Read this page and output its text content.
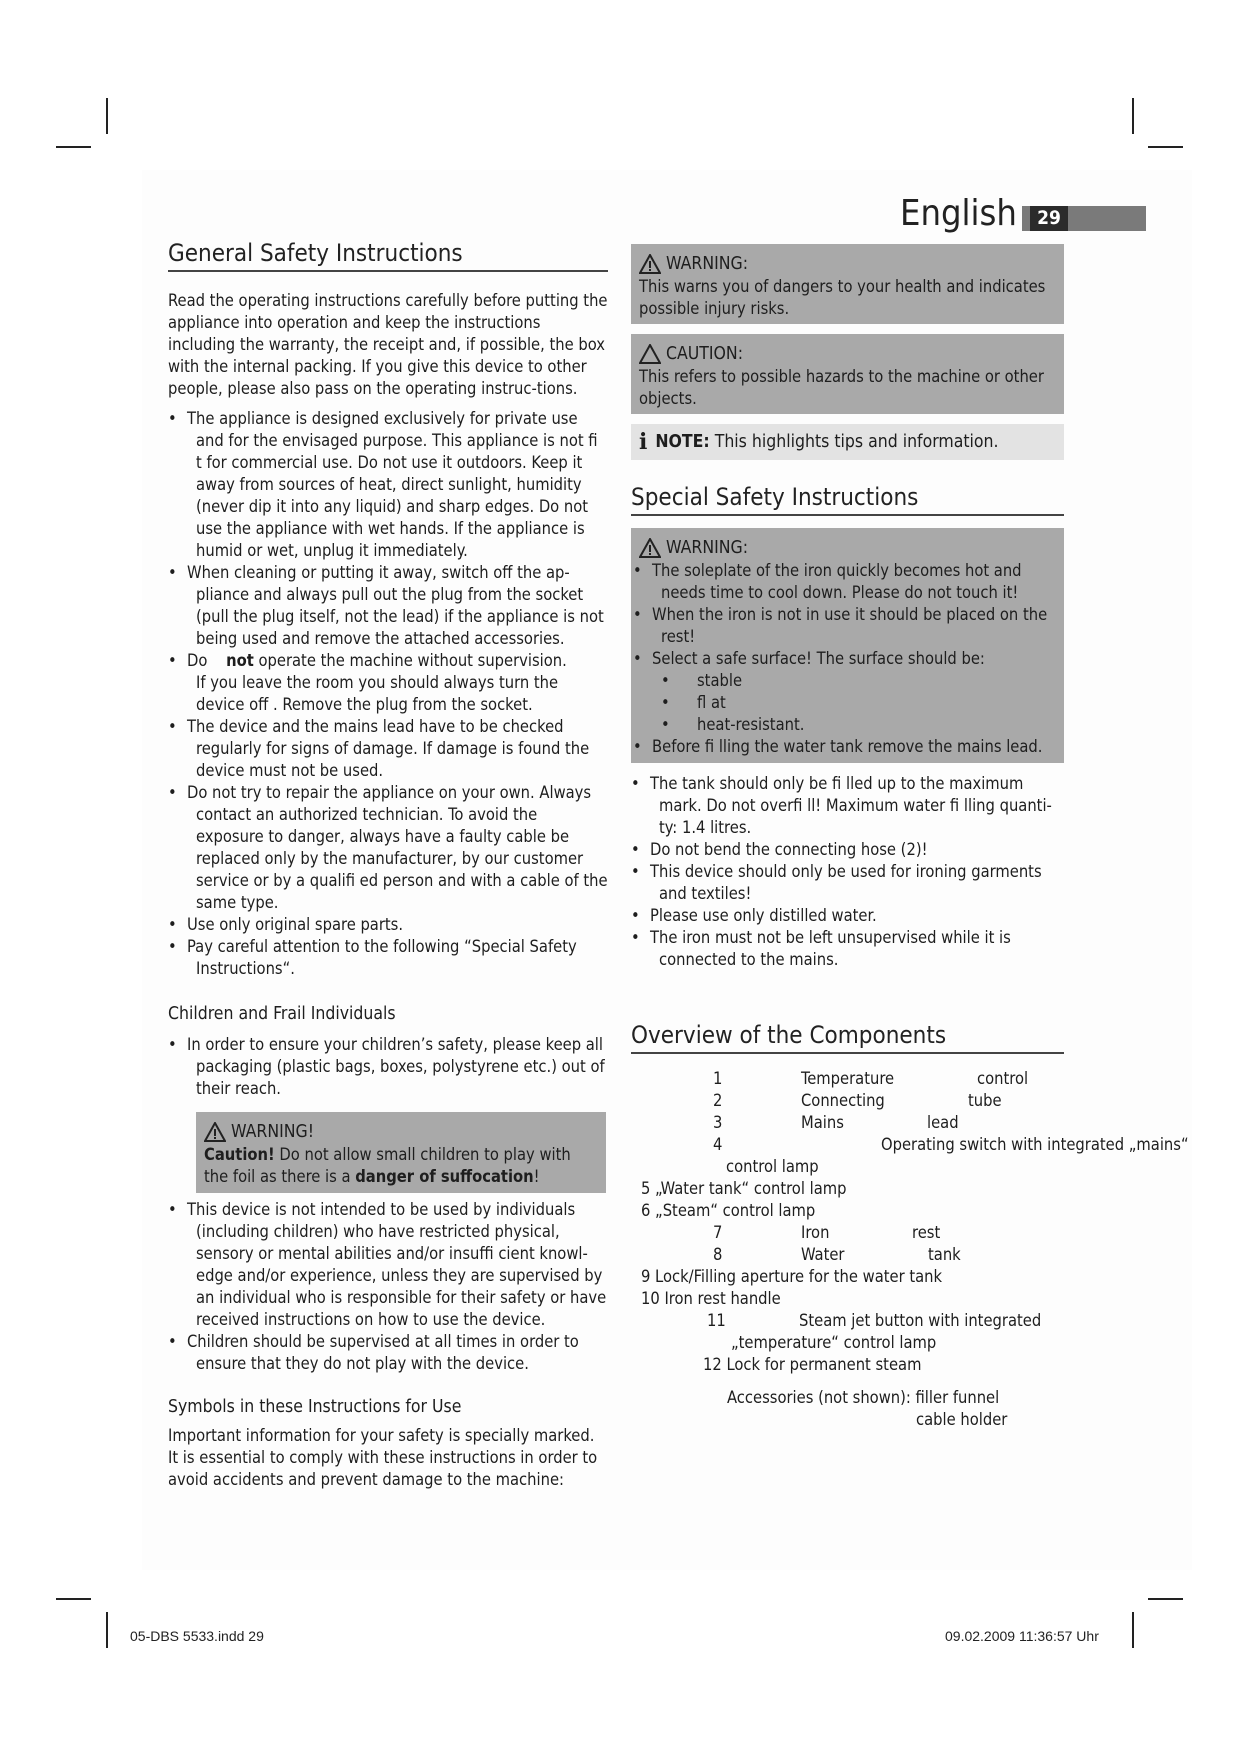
English	29
General Safety Instructions

Read the operating instructions carefully before putting the appliance into operation and keep the instructions including the warranty, the receipt and, if possible, the box with the internal packing. If you give this device to other people, please also pass on the operating instruc-tions.

• The appliance is designed exclusively for private use and for the envisaged purpose. This appliance is not fi t for commercial use. Do not use it outdoors. Keep it away from sources of heat, direct sunlight, humidity (never dip it into any liquid) and sharp edges. Do not use the appliance with wet hands. If the appliance is humid or wet, unplug it immediately.
• When cleaning or putting it away, switch off the ap-pliance and always pull out the plug from the socket (pull the plug itself, not the lead) if the appliance is not being used and remove the attached accessories.
• Do not operate the machine without supervision.
If you leave the room you should always turn the device off . Remove the plug from the socket.
• The device and the mains lead have to be checked regularly for signs of damage. If damage is found the device must not be used.
• Do not try to repair the appliance on your own. Always contact an authorized technician. To avoid the exposure to danger, always have a faulty cable be replaced only by the manufacturer, by our customer service or by a qualifi ed person and with a cable of the same type.
• Use only original spare parts.
• Pay careful attention to the following “Special Safety Instructions“.
Children and Frail Individuals
• In order to ensure your children’s safety, please keep all packaging (plastic bags, boxes, polystyrene etc.) out of their reach.
WARNING!
Caution! Do not allow small children to play with the foil as there is a danger of suffocation!
• This device is not intended to be used by individuals (including children) who have restricted physical, sensory or mental abilities and/or insuffi cient knowl-edge and/or experience, unless they are supervised by an individual who is responsible for their safety or have received instructions on how to use the device.
• Children should be supervised at all times in order to ensure that they do not play with the device.
Symbols in these Instructions for Use

Important information for your safety is specially marked. It is essential to comply with these instructions in order to avoid accidents and prevent damage to the machine:

WARNING:
This warns you of dangers to your health and indicates possible injury risks.
CAUTION:
This refers to possible hazards to the machine or other objects.
i NOTE:
This highlights tips and information.
Special Safety Instructions
WARNING:
• The soleplate of the iron quickly becomes hot and needs time to cool down. Please do not touch it!
• When the iron is not in use it should be placed on the rest!
• Select a safe surface! The surface should be:
• stable
• fl at
• heat-resistant.
• Before fi lling the water tank remove the mains lead.
• The tank should only be fi lled up to the maximum mark. Do not overfi ll! Maximum water fi lling quanti-ty: 1.4 litres.
• Do not bend the connecting hose (2)!
• This device should only be used for ironing garments and textiles!
• Please use only distilled water.
• The iron must not be left unsupervised while it is connected to the mains.
Overview of the Components
1	Temperature	control
2	Connecting	tube
3	Mains	lead
4	Operating switch with integrated „mains“
control lamp
5 „Water tank“ control lamp
6 „Steam“ control lamp
7	Iron	rest
8	Water	tank
9 Lock/Filling aperture for the water tank
10 Iron rest handle
11	Steam jet button with integrated
„temperature“ control lamp
12 Lock for permanent steam
Accessories (not shown): filler funnel
cable holder
05-DBS 5533.indd 29	09.02.2009 11:36:57 Uhr
